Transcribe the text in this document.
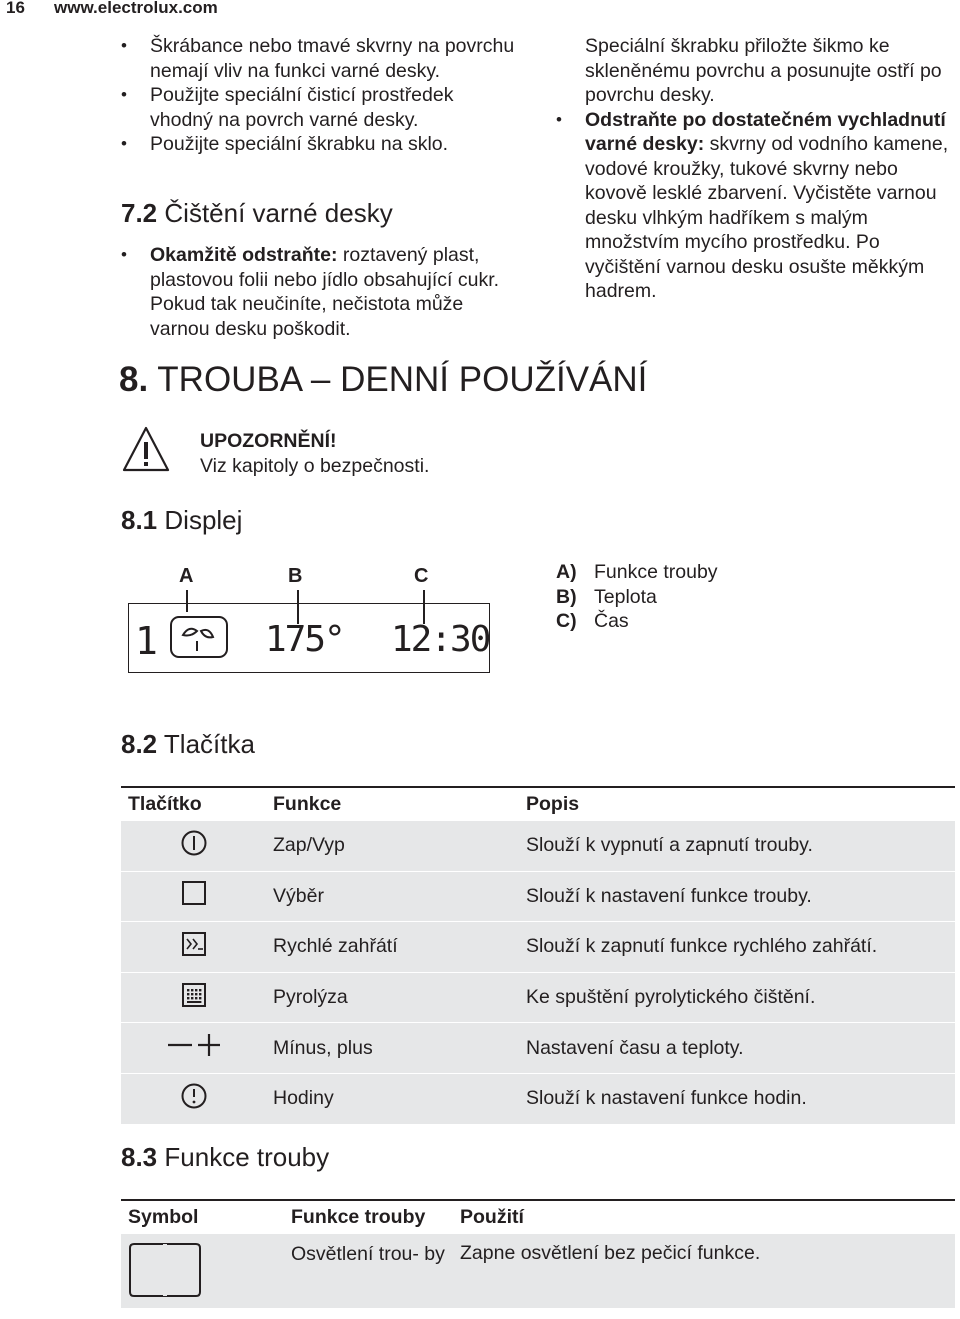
16 www.electrolux.com
• Škrábance nebo tmavé skvrny na povrchu nemají vliv na funkci varné desky.
• Použijte speciální čisticí prostředek vhodný na povrch varné desky.
• Použijte speciální škrabku na sklo.
7.2 Čištění varné desky
• Okamžitě odstraňte: roztavený plast, plastovou folii nebo jídlo obsahující cukr. Pokud tak neučiníte, nečistota může varnou desku poškodit.
Speciální škrabku přiložte šikmo ke skleněnému povrchu a posunujte ostří po povrchu desky.
• Odstraňte po dostatečném vychladnutí varné desky: skvrny od vodního kamene, vodové kroužky, tukové skvrny nebo kovově lesklé zbarvení. Vyčistěte varnou desku vlhkým hadříkem s malým množstvím mycího prostředku. Po vyčištění varnou desku osušte měkkým hadrem.
8. TROUBA – DENNÍ POUŽÍVÁNÍ
UPOZORNĚNÍ!
Viz kapitoly o bezpečnosti.
8.1 Displej
A	B	C
1	175° 12:30
A) Funkce trouby
B) Teplota
C) Čas
8.2 Tlačítka
Tlačítko	Funkce	Popis
	Zap/Vyp	Slouží k vypnutí a zapnutí trouby.
	Výběr	Slouží k nastavení funkce trouby.
	Rychlé zahřátí	Slouží k zapnutí funkce rychlého zahřátí.
	Pyrolýza	Ke spuštění pyrolytického čištění.
	Mínus, plus	Nastavení času a teploty.
	Hodiny	Slouží k nastavení funkce hodin.
8.3 Funkce trouby
Symbol	Funkce trouby	Použití
	Osvětlení trou- by	Zapne osvětlení bez pečicí funkce.
